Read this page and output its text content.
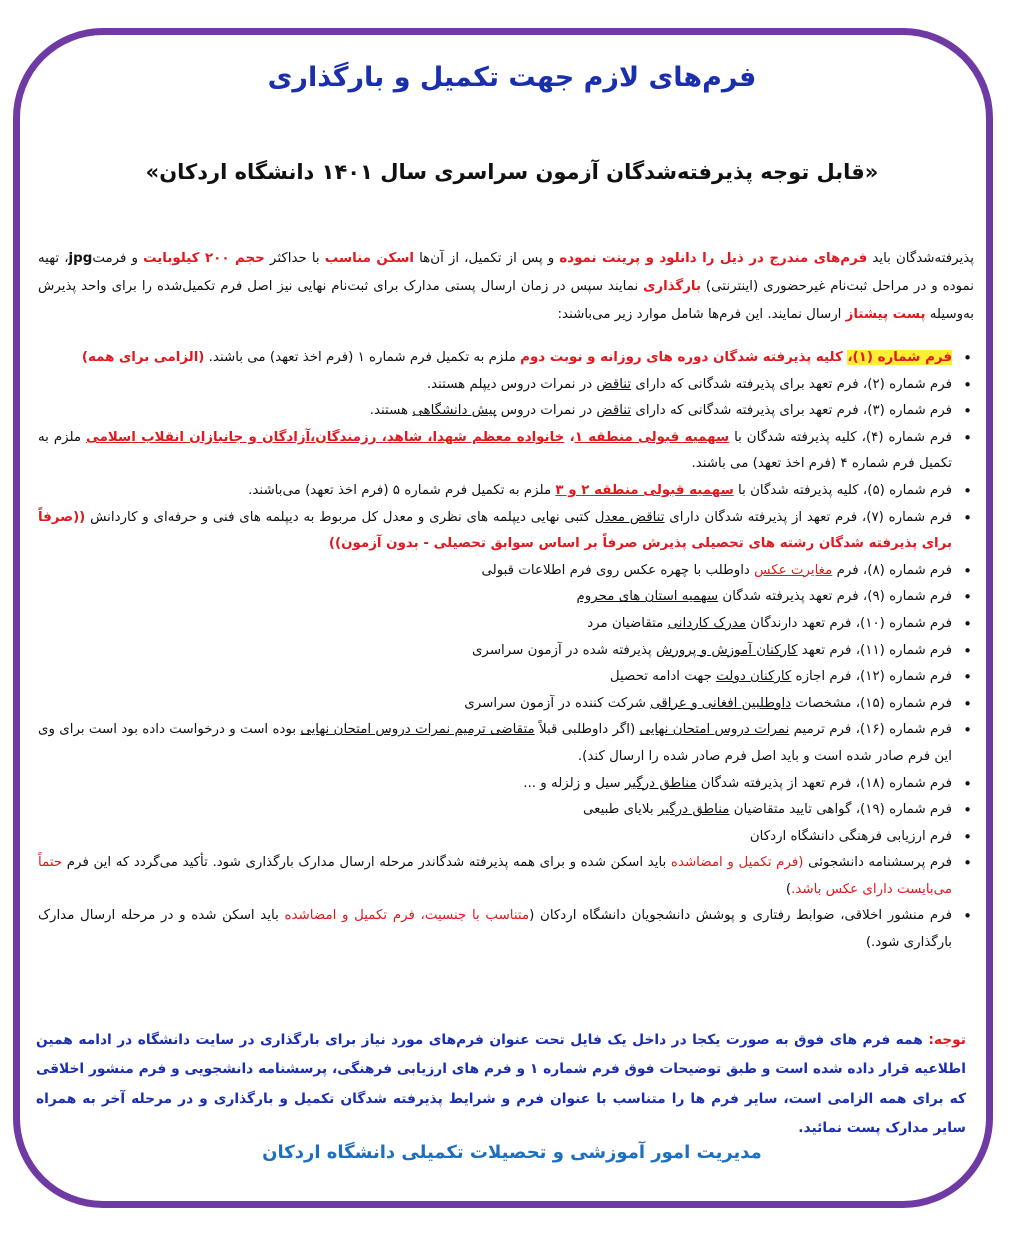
فرم‌های لازم جهت تکمیل و بارگذاری
«قابل توجه پذیرفته‌شدگان آزمون سراسری سال ۱۴۰۱ دانشگاه اردکان»

پذیرفته‌شدگان باید فرم‌های مندرج در ذیل را دانلود و پرینت نموده و پس از تکمیل، از آن‌ها اسکن مناسب با حداکثر حجم ۲۰۰ کیلوبایت و فرمتjpg، تهیه نموده و در مراحل ثبت‌نام غیرحضوری (اینترنتی) بارگذاری نمایند سپس در زمان ارسال پستی مدارک برای ثبت‌نام نهایی نیز اصل فرم تکمیل‌شده را برای واحد پذیرش به‌وسیله پست پیشتاز ارسال نمایند. این فرم‌ها شامل موارد زیر می‌باشند:

• فرم شماره (۱)، کلیه پذیرفته شدگان دوره های روزانه و نوبت دوم ملزم به تکمیل فرم شماره ۱ (فرم اخذ تعهد) می باشند. (الزامی برای همه)
• فرم شماره (۲)، فرم تعهد برای پذیرفته شدگانی که دارای تناقض در نمرات دروس دیپلم هستند.
• فرم شماره (۳)، فرم تعهد برای پذیرفته شدگانی که دارای تناقض در نمرات دروس پیش دانشگاهی هستند.
• فرم شماره (۴)، کلیه پذیرفته شدگان با سهمیه قبولی منطقه ۱، خانواده معظم شهدا، شاهد، رزمندگان،آزادگان و جانبازان انقلاب اسلامی ملزم به تکمیل فرم شماره ۴ (فرم اخذ تعهد) می باشند.
• فرم شماره (۵)، کلیه پذیرفته شدگان با سهمیه قبولی منطقه ۲ و ۳ ملزم به تکمیل فرم شماره ۵ (فرم اخذ تعهد) می‌باشند.
• فرم شماره (۷)، فرم تعهد از پذیرفته شدگان دارای تناقض معدل کتبی نهایی دیپلمه های نظری و معدل کل مربوط به دیپلمه های فنی و حرفه‌ای و کاردانش ((صرفاً برای پذیرفته شدگان رشته های تحصیلی پذیرش صرفاً بر اساس سوابق تحصیلی - بدون آزمون))
• فرم شماره (۸)، فرم مغایرت عکس داوطلب با چهره عکس روی فرم اطلاعات قبولی
• فرم شماره (۹)، فرم تعهد پذیرفته شدگان سهمیه استان های محروم
• فرم شماره (۱۰)، فرم تعهد دارندگان مدرک کاردانی متقاضیان مرد
• فرم شماره (۱۱)، فرم تعهد کارکنان آموزش و پرورش پذیرفته شده در آزمون سراسری
• فرم شماره (۱۲)، فرم اجازه کارکنان دولت جهت ادامه تحصیل
• فرم شماره (۱۵)، مشخصات داوطلبین افغانی و عراقی شرکت کننده در آزمون سراسری
• فرم شماره (۱۶)، فرم ترمیم نمرات دروس امتحان نهایی (اگر داوطلبی قبلاً متقاضی ترمیم نمرات دروس امتحان نهایی بوده است و درخواست داده بود است برای وی این فرم صادر شده است و باید اصل فرم صادر شده را ارسال کند).
• فرم شماره (۱۸)، فرم تعهد از پذیرفته شدگان مناطق درگیر سیل و زلزله و ...
• فرم شماره (۱۹)، گواهی تایید متقاضیان مناطق درگیر بلایای طبیعی
• فرم ارزیابی فرهنگی دانشگاه اردکان
• فرم پرسشنامه دانشجوئی (فرم تکمیل و امضاشده باید اسکن شده و برای همه پذیرفته شدگاندر مرحله ارسال مدارک بارگذاری شود. تأکید می‌گردد که این فرم حتماً می‌بایست دارای عکس باشد.)
• فرم منشور اخلاقی، ضوابط رفتاری و پوشش دانشجویان دانشگاه اردکان (متناسب با جنسیت، فرم تکمیل و امضاشده باید اسکن شده و در مرحله ارسال مدارک بارگذاری شود.)

توجه: همه فرم های فوق به صورت یکجا در داخل یک فایل تحت عنوان فرم‌های مورد نیاز برای بارگذاری در سایت دانشگاه در ادامه همین اطلاعیه قرار داده شده است و طبق توضیحات فوق فرم شماره ۱ و فرم های ارزیابی فرهنگی، پرسشنامه دانشجویی و فرم منشور اخلاقی که برای همه الزامی است، سایر فرم ها را متناسب با عنوان فرم و شرایط پذیرفته شدگان تکمیل و بارگذاری و در مرحله آخر به همراه سایر مدارک پست نمائید.

مدیریت امور آموزشی و تحصیلات تکمیلی دانشگاه اردکان
